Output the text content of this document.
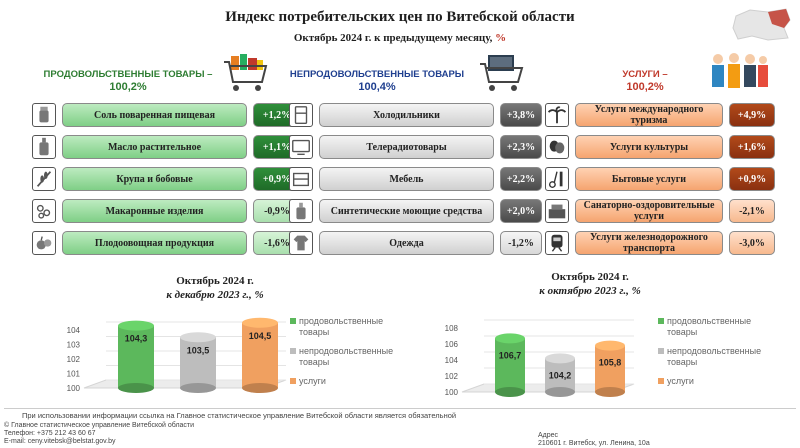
Индекс потребительских цен по Витебской области
Октябрь 2024 г. к предыдущему месяцу, %
ПРОДОВОЛЬСТВЕННЫЕ ТОВАРЫ –
100,2%
НЕПРОДОВОЛЬСТВЕННЫЕ ТОВАРЫ
100,4%
УСЛУГИ –
100,2%
Соль поваренная пищевая	+1,2%
Масло растительное	+1,1%
Крупа и бобовые	+0,9%
Макаронные изделия	-0,9%
Плодоовощная продукция	-1,6%
Холодильники	+3,8%
Телерадиотовары	+2,3%
Мебель	+2,2%
Синтетические моющие средства	+2,0%
Одежда	-1,2%
Услуги международного туризма	+4,9%
Услуги культуры	+1,6%
Бытовые услуги	+0,9%
Санаторно-оздоровительные услуги	-2,1%
Услуги железнодорожного транспорта	-3,0%
Октябрь 2024 г.
к декабрю 2023 г., %
Октябрь 2024 г.
к октябрю 2023 г., %
100
101
102
103
104
104,3
103,5
104,5
100
102
104
106
108
106,7
104,2
105,8
продовольственные товары
непродовольственные товары
услуги
продовольственные товары
непродовольственные товары
услуги
При использовании информации ссылка на Главное статистическое управление Витебской области является обязательной
© Главное статистическое управление Витебской области
Телефон: +375 212 43 60 67
E-mail: ceny.vitebsk@belstat.gov.by
Адрес
210601 г. Витебск, ул. Ленина, 10а
